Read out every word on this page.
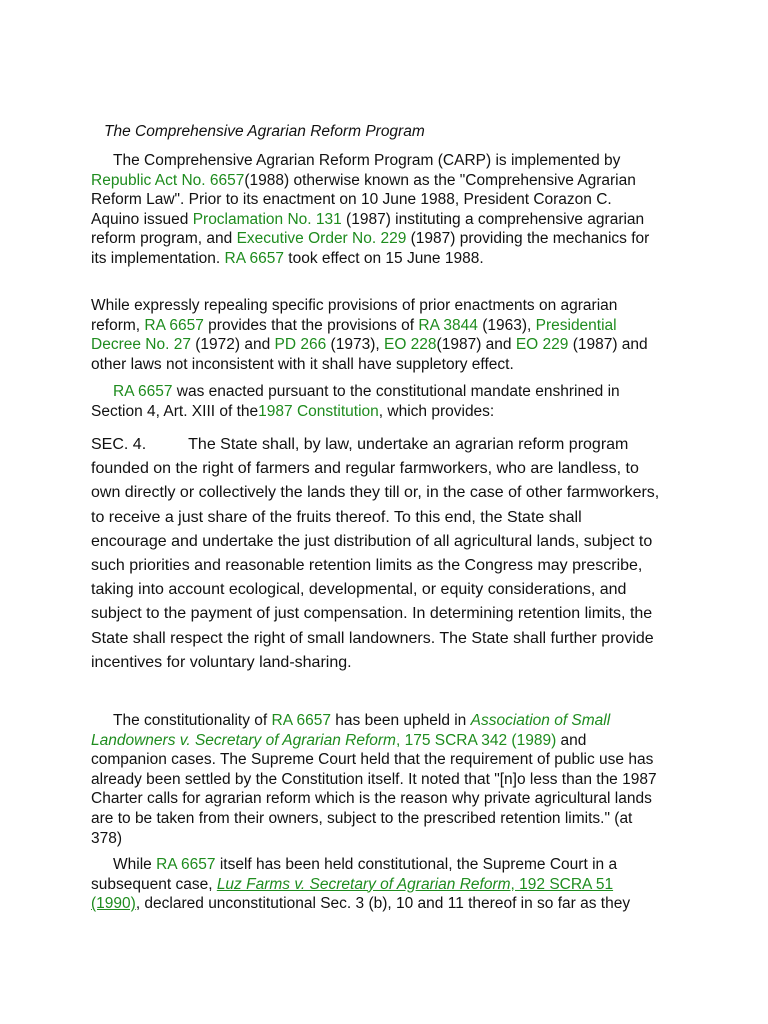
The Comprehensive Agrarian Reform Program

The Comprehensive Agrarian Reform Program (CARP) is implemented by Republic Act No. 6657(1988) otherwise known as the "Comprehensive Agrarian Reform Law". Prior to its enactment on 10 June 1988, President Corazon C. Aquino issued Proclamation No. 131 (1987) instituting a comprehensive agrarian reform program, and Executive Order No. 229 (1987) providing the mechanics for its implementation. RA 6657 took effect on 15 June 1988.

While expressly repealing specific provisions of prior enactments on agrarian reform, RA 6657 provides that the provisions of RA 3844 (1963), Presidential Decree No. 27 (1972) and PD 266 (1973), EO 228(1987) and EO 229 (1987) and other laws not inconsistent with it shall have suppletory effect.

RA 6657 was enacted pursuant to the constitutional mandate enshrined in Section 4, Art. XIII of the1987 Constitution, which provides:

SEC. 4.	The State shall, by law, undertake an agrarian reform program founded on the right of farmers and regular farmworkers, who are landless, to own directly or collectively the lands they till or, in the case of other farmworkers, to receive a just share of the fruits thereof. To this end, the State shall encourage and undertake the just distribution of all agricultural lands, subject to such priorities and reasonable retention limits as the Congress may prescribe, taking into account ecological, developmental, or equity considerations, and subject to the payment of just compensation. In determining retention limits, the State shall respect the right of small landowners. The State shall further provide incentives for voluntary land-sharing.

The constitutionality of RA 6657 has been upheld in Association of Small Landowners v. Secretary of Agrarian Reform, 175 SCRA 342 (1989) and companion cases. The Supreme Court held that the requirement of public use has already been settled by the Constitution itself. It noted that "[n]o less than the 1987 Charter calls for agrarian reform which is the reason why private agricultural lands are to be taken from their owners, subject to the prescribed retention limits." (at 378)

While RA 6657 itself has been held constitutional, the Supreme Court in a subsequent case, Luz Farms v. Secretary of Agrarian Reform, 192 SCRA 51 (1990), declared unconstitutional Sec. 3 (b), 10 and 11 thereof in so far as they
